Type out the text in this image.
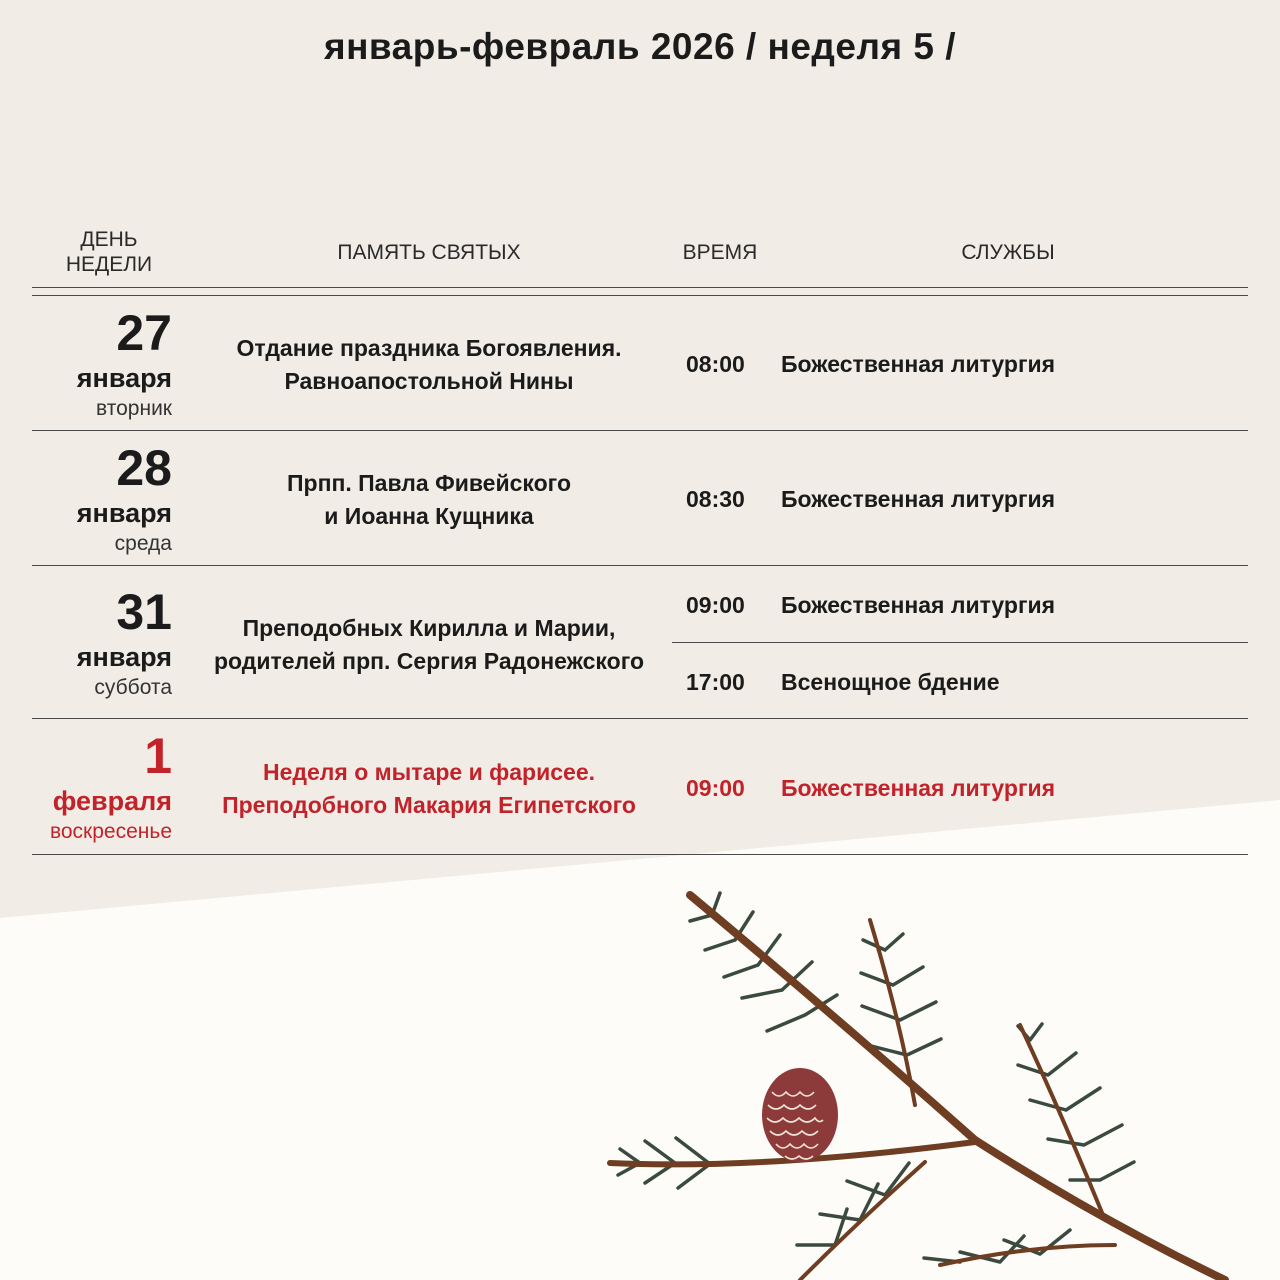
январь-февраль 2026 / неделя 5 /
ДЕНЬ
НЕДЕЛИ
ПАМЯТЬ СВЯТЫХ	ВРЕМЯ	СЛУЖБЫ
27
января
вторник
Отдание праздника Богоявления.
Равноапостольной Нины
08:00 Божественная литургия
28
января
среда
Прпп. Павла Фивейского
и Иоанна Кущника
08:30 Божественная литургия
31
января
суббота
Преподобных Кирилла и Марии,
родителей прп. Сергия Радонежского
09:00 Божественная литургия
17:00 Всенощное бдение
1
февраля
воскресенье
Неделя о мытаре и фарисее.
Преподобного Макария Египетского
09:00 Божественная литургия
